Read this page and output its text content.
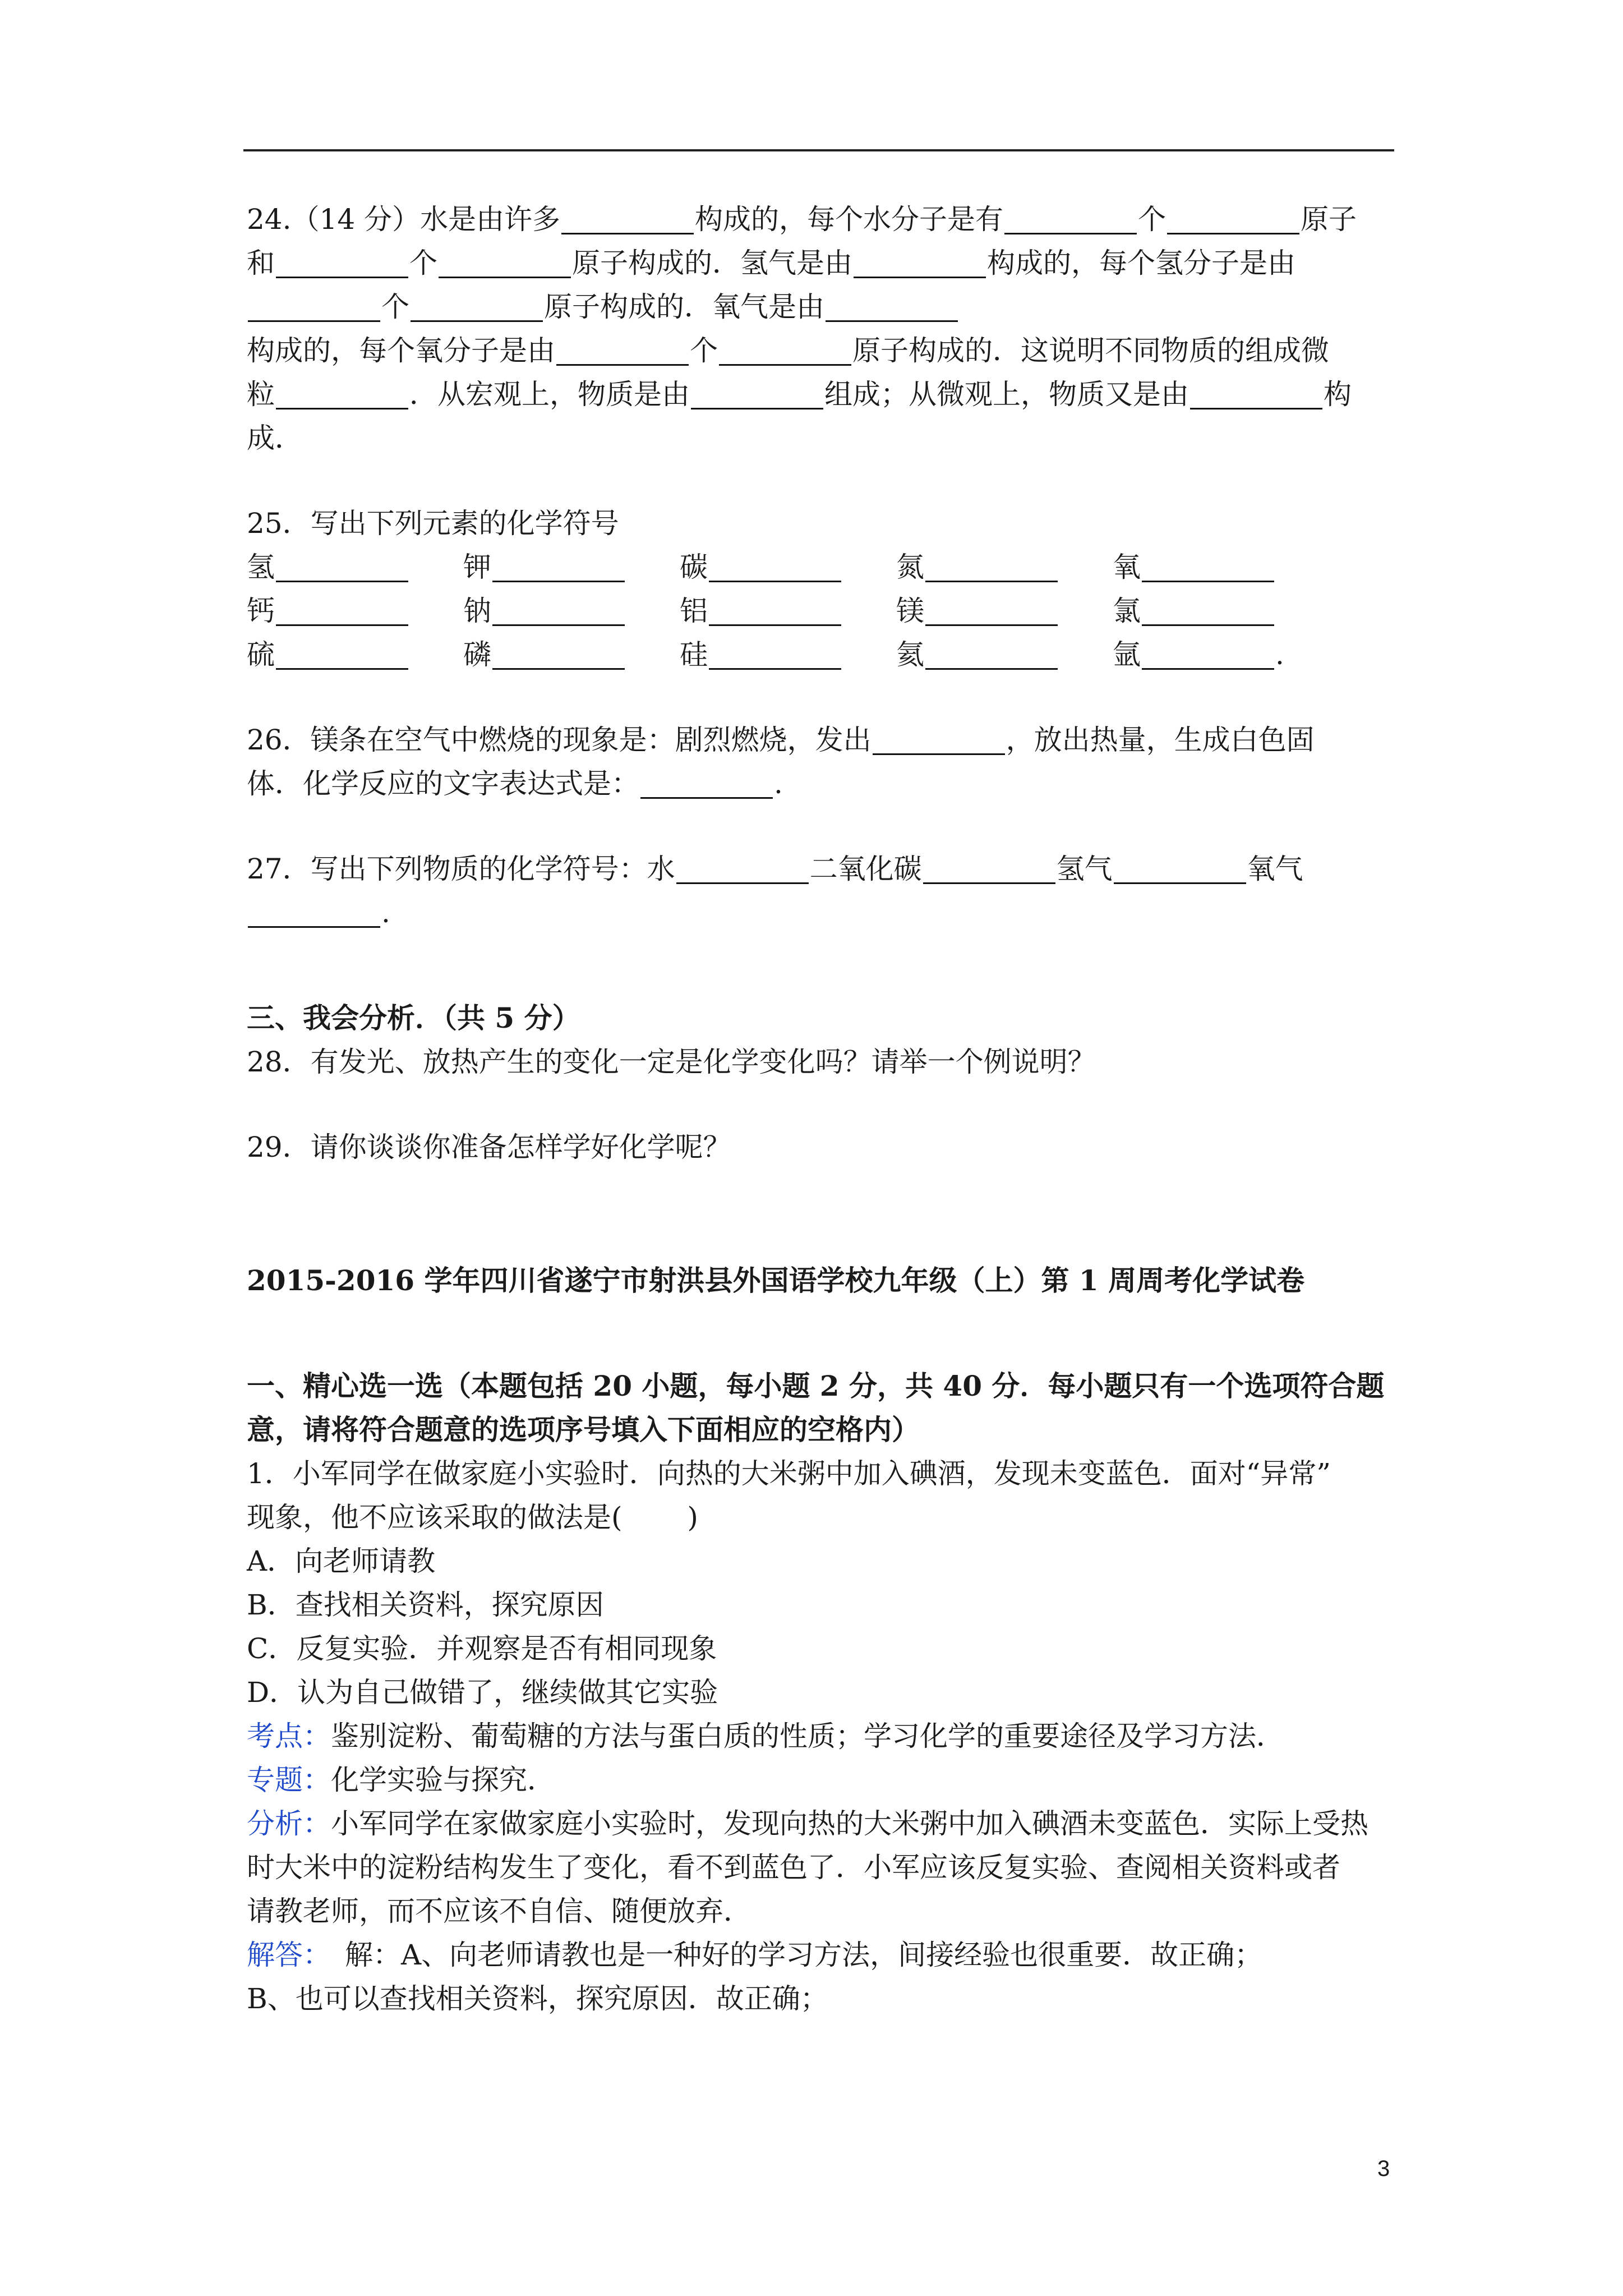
24.（14 分）水是由许多	构成的，每个水分子是有	个	原子
和	个	原子构成的．氢气是由	构成的，每个氢分子是由
个	原子构成的．氧气是由
构成的，每个氧分子是由	个	原子构成的．这说明不同物质的组成微
粒	．从宏观上，物质是由	组成；从微观上，物质又是由	构
成．
25．写出下列元素的化学符号
氢	钾	碳	氮	氧
钙	钠	铝	镁	氯
硫	磷	硅	氦	氩	.
26．镁条在空气中燃烧的现象是：剧烈燃烧，发出	，放出热量，生成白色固
体．化学反应的文字表达式是：	.
27．写出下列物质的化学符号：水	二氧化碳	氢气	氧气
.
三、我会分析．（共 5 分）
28．有发光、放热产生的变化一定是化学变化吗？请举一个例说明？
29．请你谈谈你准备怎样学好化学呢？
2015-2016 学年四川省遂宁市射洪县外国语学校九年级（上）第 1 周周考化学试卷
一、精心选一选（本题包括 20 小题，每小题 2 分，共 40 分．每小题只有一个选项符合题
意，请将符合题意的选项序号填入下面相应的空格内）
1．小军同学在做家庭小实验时．向热的大米粥中加入碘酒，发现未变蓝色．面对“异常”
现象，他不应该采取的做法是(　　 )
A．向老师请教
B．查找相关资料，探究原因
C．反复实验．并观察是否有相同现象
D．认为自己做错了，继续做其它实验
考点：鉴别淀粉、葡萄糖的方法与蛋白质的性质；学习化学的重要途径及学习方法．
专题：化学实验与探究．
分析：小军同学在家做家庭小实验时，发现向热的大米粥中加入碘酒未变蓝色．实际上受热
时大米中的淀粉结构发生了变化，看不到蓝色了．小军应该反复实验、查阅相关资料或者
请教老师，而不应该不自信、随便放弃．
解答：　解：A、向老师请教也是一种好的学习方法，间接经验也很重要．故正确；
B、也可以查找相关资料，探究原因．故正确；
3
